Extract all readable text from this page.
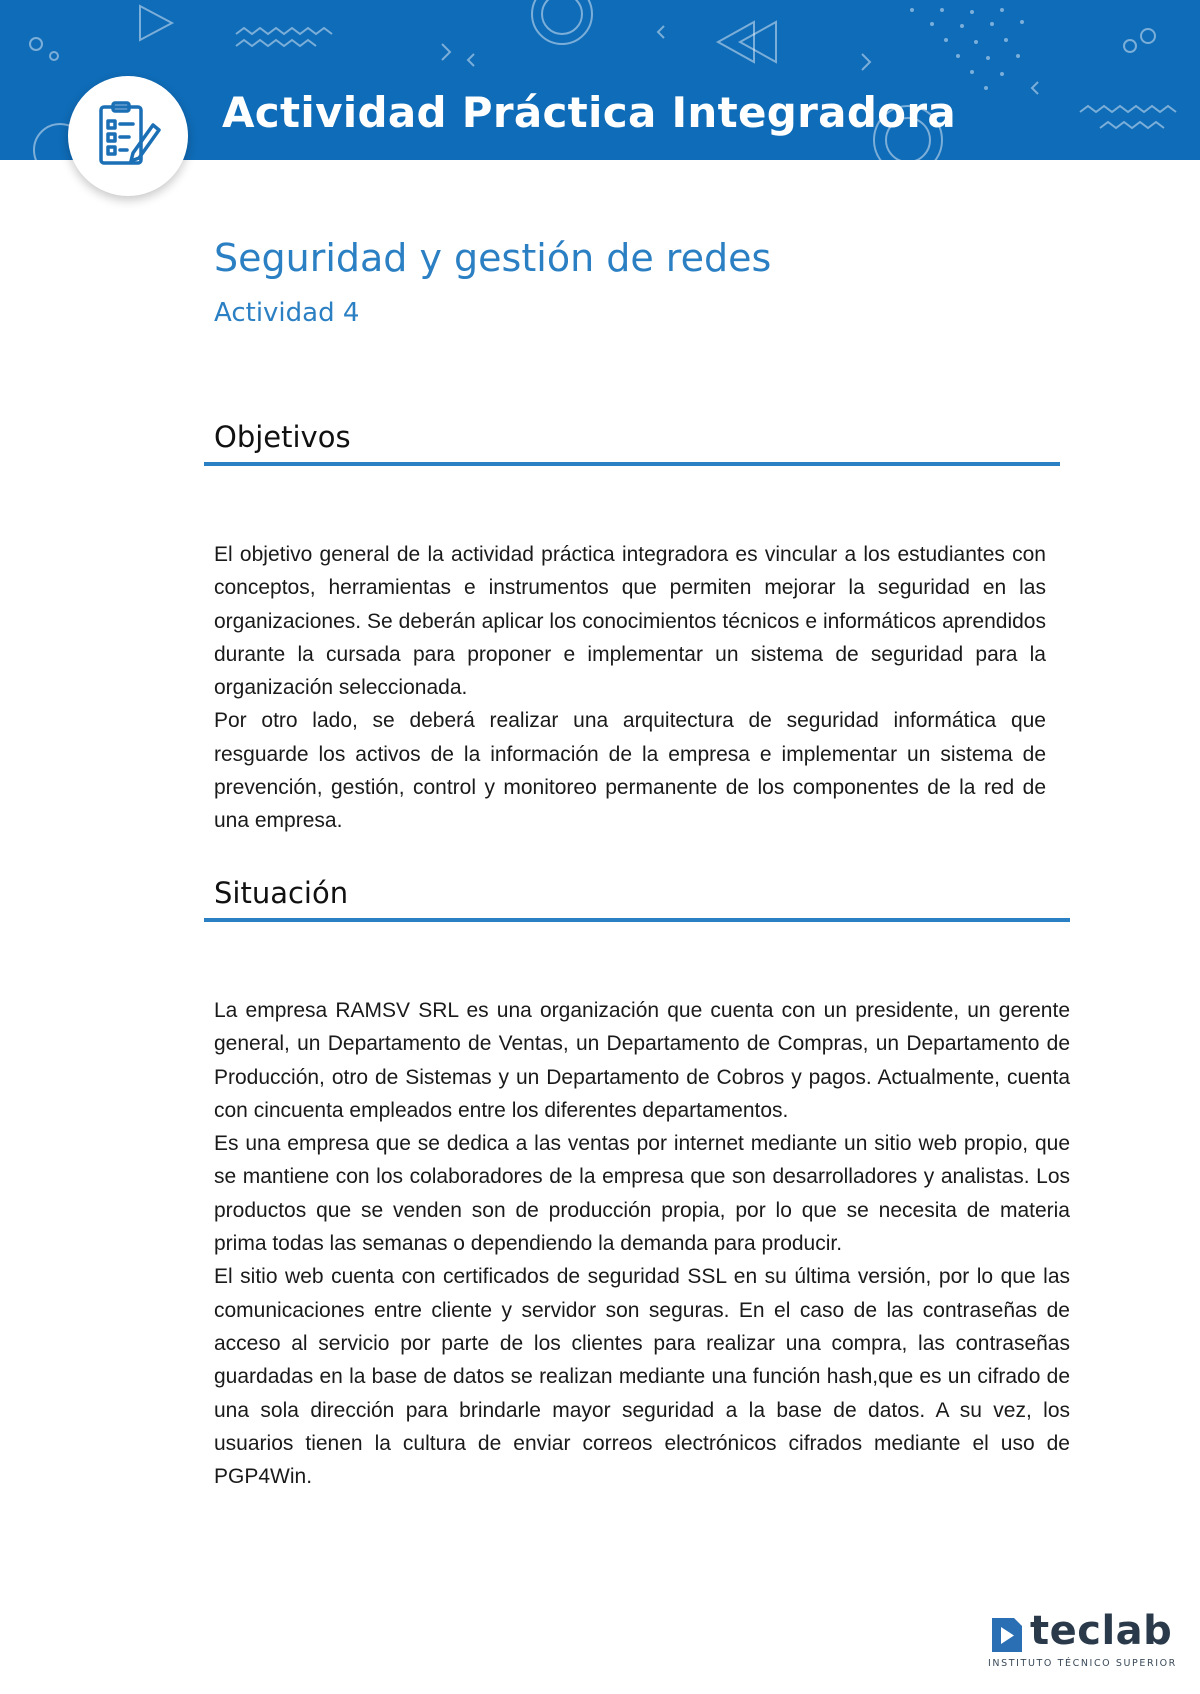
Actividad Práctica Integradora
Seguridad y gestión de redes
Actividad 4
Objetivos

El objetivo general de la actividad práctica integradora es vincular a los estudiantes con conceptos, herramientas e instrumentos que permiten mejorar la seguridad en las organizaciones. Se deberán aplicar los conocimientos técnicos e informáticos aprendidos durante la cursada para proponer e implementar un sistema de seguridad para la organización seleccionada.

Por otro lado, se deberá realizar una arquitectura de seguridad informática que resguarde los activos de la información de la empresa e implementar un sistema de prevención, gestión, control y monitoreo permanente de los componentes de la red de una empresa.

Situación

La empresa RAMSV SRL es una organización que cuenta con un presidente, un gerente general, un Departamento de Ventas, un Departamento de Compras, un Departamento de Producción, otro de Sistemas y un Departamento de Cobros y pagos. Actualmente, cuenta con cincuenta empleados entre los diferentes departamentos.

Es una empresa que se dedica a las ventas por internet mediante un sitio web propio, que se mantiene con los colaboradores de la empresa que son desarrolladores y analistas. Los productos que se venden son de producción propia, por lo que se necesita de materia prima todas las semanas o dependiendo la demanda para producir.

El sitio web cuenta con certificados de seguridad SSL en su última versión, por lo que las comunicaciones entre cliente y servidor son seguras. En el caso de las contraseñas de acceso al servicio por parte de los clientes para realizar una compra, las contraseñas guardadas en la base de datos se realizan mediante una función hash,que es un cifrado de una sola dirección para brindarle mayor seguridad a la base de datos. A su vez, los usuarios tienen la cultura de enviar correos electrónicos cifrados mediante el uso de PGP4Win.

teclab
INSTITUTO TÉCNICO SUPERIOR
